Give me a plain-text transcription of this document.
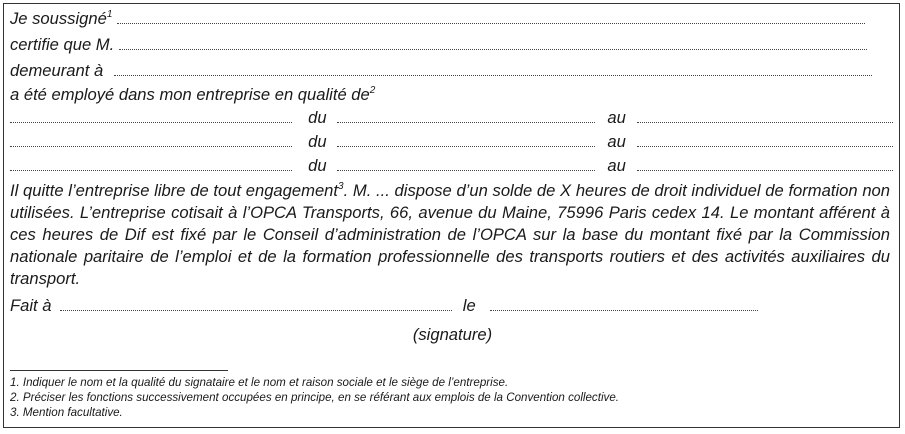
Je soussigné$^1$
certifie que M.
demeurant à
a été employé dans mon entreprise en qualité $de^2$
du	au
du	au
du	au
Il quitte l’entreprise libre de tout engagement$^3$. M. ... dispose d’un solde de X heures de droit individuel de formation non utilisées. L’entreprise cotisait à l’OPCA Transports, 66, avenue du Maine, 75996 Paris cedex 14. Le montant afférent à ces heures de Dif est fixé par le Conseil d’administration de l’OPCA sur la base du montant fixé par la Commission nationale paritaire de l’emploi et de la formation professionnelle des transports routiers et des activités auxiliaires du transport.
Fait à	le
(signature)
1. Indiquer le nom et la qualité du signataire et le nom et raison sociale et le siège de l’entreprise.
2. Préciser les fonctions successivement occupées en principe, en se référant aux emplois de la Convention collective.
3. Mention facultative.
